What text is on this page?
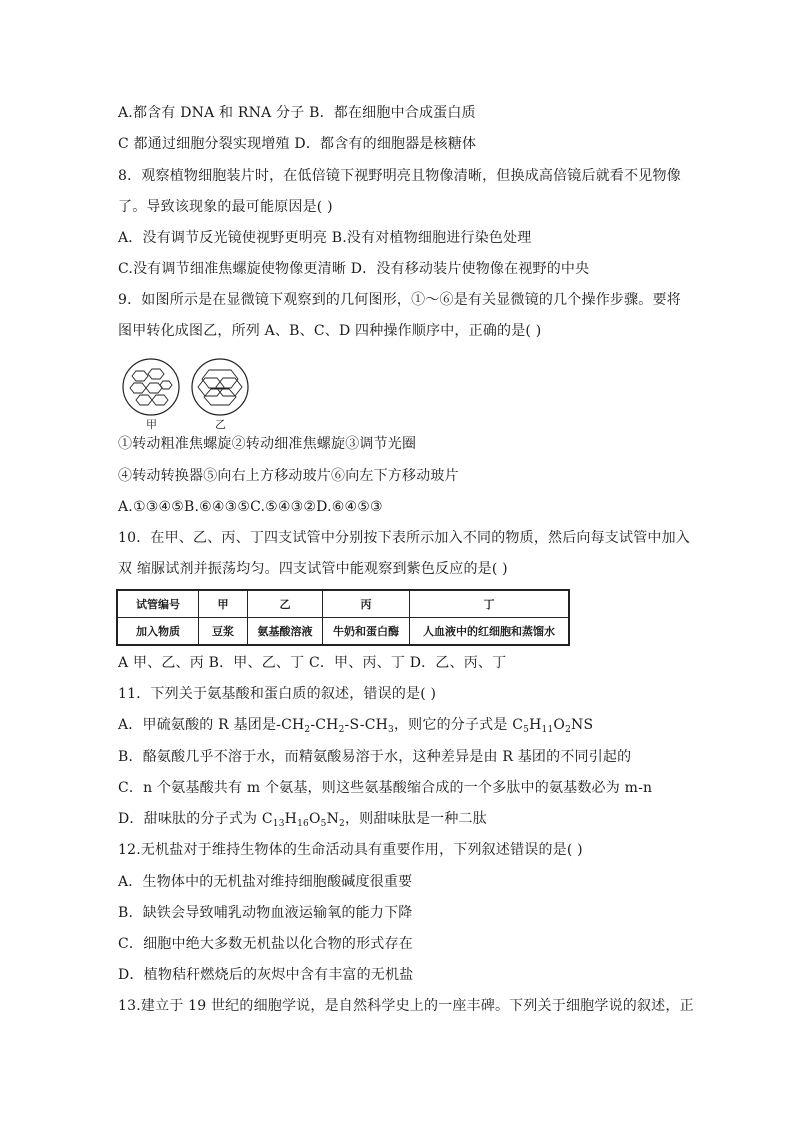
A.都含有 DNA 和 RNA 分子 B．都在细胞中合成蛋白质
C 都通过细胞分裂实现增殖 D．都含有的细胞器是核糖体
8．观察植物细胞装片时，在低倍镜下视野明亮且物像清晰，但换成高倍镜后就看不见物像
了。导致该现象的最可能原因是( )
A．没有调节反光镜使视野更明亮 B.没有对植物细胞进行染色处理
C.没有调节细准焦螺旋使物像更清晰 D．没有移动装片使物像在视野的中央
9．如图所示是在显微镜下观察到的几何图形，①～⑥是有关显微镜的几个操作步骤。要将
图甲转化成图乙，所列 A、B、C、D 四种操作顺序中，正确的是( )
甲	乙
①转动粗准焦螺旋②转动细准焦螺旋③调节光圈
④转动转换器⑤向右上方移动玻片⑥向左下方移动玻片
A.①③④⑤B.⑥④③⑤C.⑤④③②D.⑥④⑤③
10．在甲、乙、丙、丁四支试管中分别按下表所示加入不同的物质，然后向每支试管中加入
双 缩脲试剂并振荡均匀。四支试管中能观察到紫色反应的是( )
试管编号	甲	乙	丙	丁
加入物质	豆浆	氨基酸溶液	牛奶和蛋白酶	人血液中的红细胞和蒸馏水
A 甲、乙、丙 B．甲、乙、丁 C．甲、丙、丁 D．乙、丙、丁
11．下列关于氨基酸和蛋白质的叙述，错误的是( )
A．甲硫氨酸的 R 基团是$-CH_2-CH_2-S-CH_3$，则它的分子式是 $C_5H_{11}O_2NS$
B．酪氨酸几乎不溶于水，而精氨酸易溶于水，这种差异是由 R 基团的不同引起的
C．n 个氨基酸共有 m 个氨基，则这些氨基酸缩合成的一个多肽中的氨基数必为 m-n
D．甜味肽的分子式为 $C_{13}H_{16}O_5N_2$，则甜味肽是一种二肽
12.无机盐对于维持生物体的生命活动具有重要作用，下列叙述错误的是( )
A．生物体中的无机盐对维持细胞酸碱度很重要
B．缺铁会导致哺乳动物血液运输氧的能力下降
C．细胞中绝大多数无机盐以化合物的形式存在
D．植物秸秆燃烧后的灰烬中含有丰富的无机盐
13.建立于 19 世纪的细胞学说，是自然科学史上的一座丰碑。下列关于细胞学说的叙述，正
